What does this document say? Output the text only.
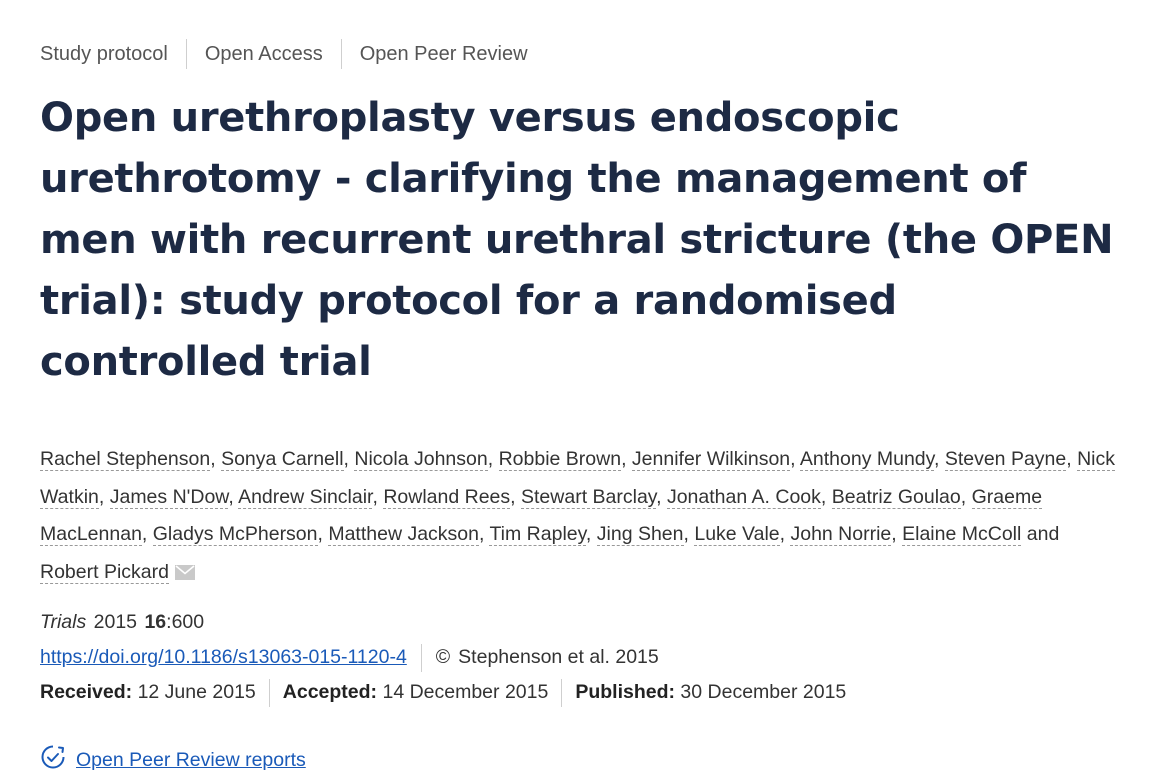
Study protocol	Open Access	Open Peer Review
Open urethroplasty versus endoscopic urethrotomy - clarifying the management of men with recurrent urethral stricture (the OPEN trial): study protocol for a randomised controlled trial
Rachel Stephenson, Sonya Carnell, Nicola Johnson, Robbie Brown, Jennifer Wilkinson, Anthony Mundy, Steven Payne, Nick Watkin, James N'Dow, Andrew Sinclair, Rowland Rees, Stewart Barclay, Jonathan A. Cook, Beatriz Goulao, Graeme MacLennan, Gladys McPherson, Matthew Jackson, Tim Rapley, Jing Shen, Luke Vale, John Norrie, Elaine McColl and Robert Pickard
Trials 2015 16:600
https://doi.org/10.1186/s13063-015-1120-4 © Stephenson et al. 2015
Received: 12 June 2015 Accepted: 14 December 2015 Published: 30 December 2015
Open Peer Review reports
